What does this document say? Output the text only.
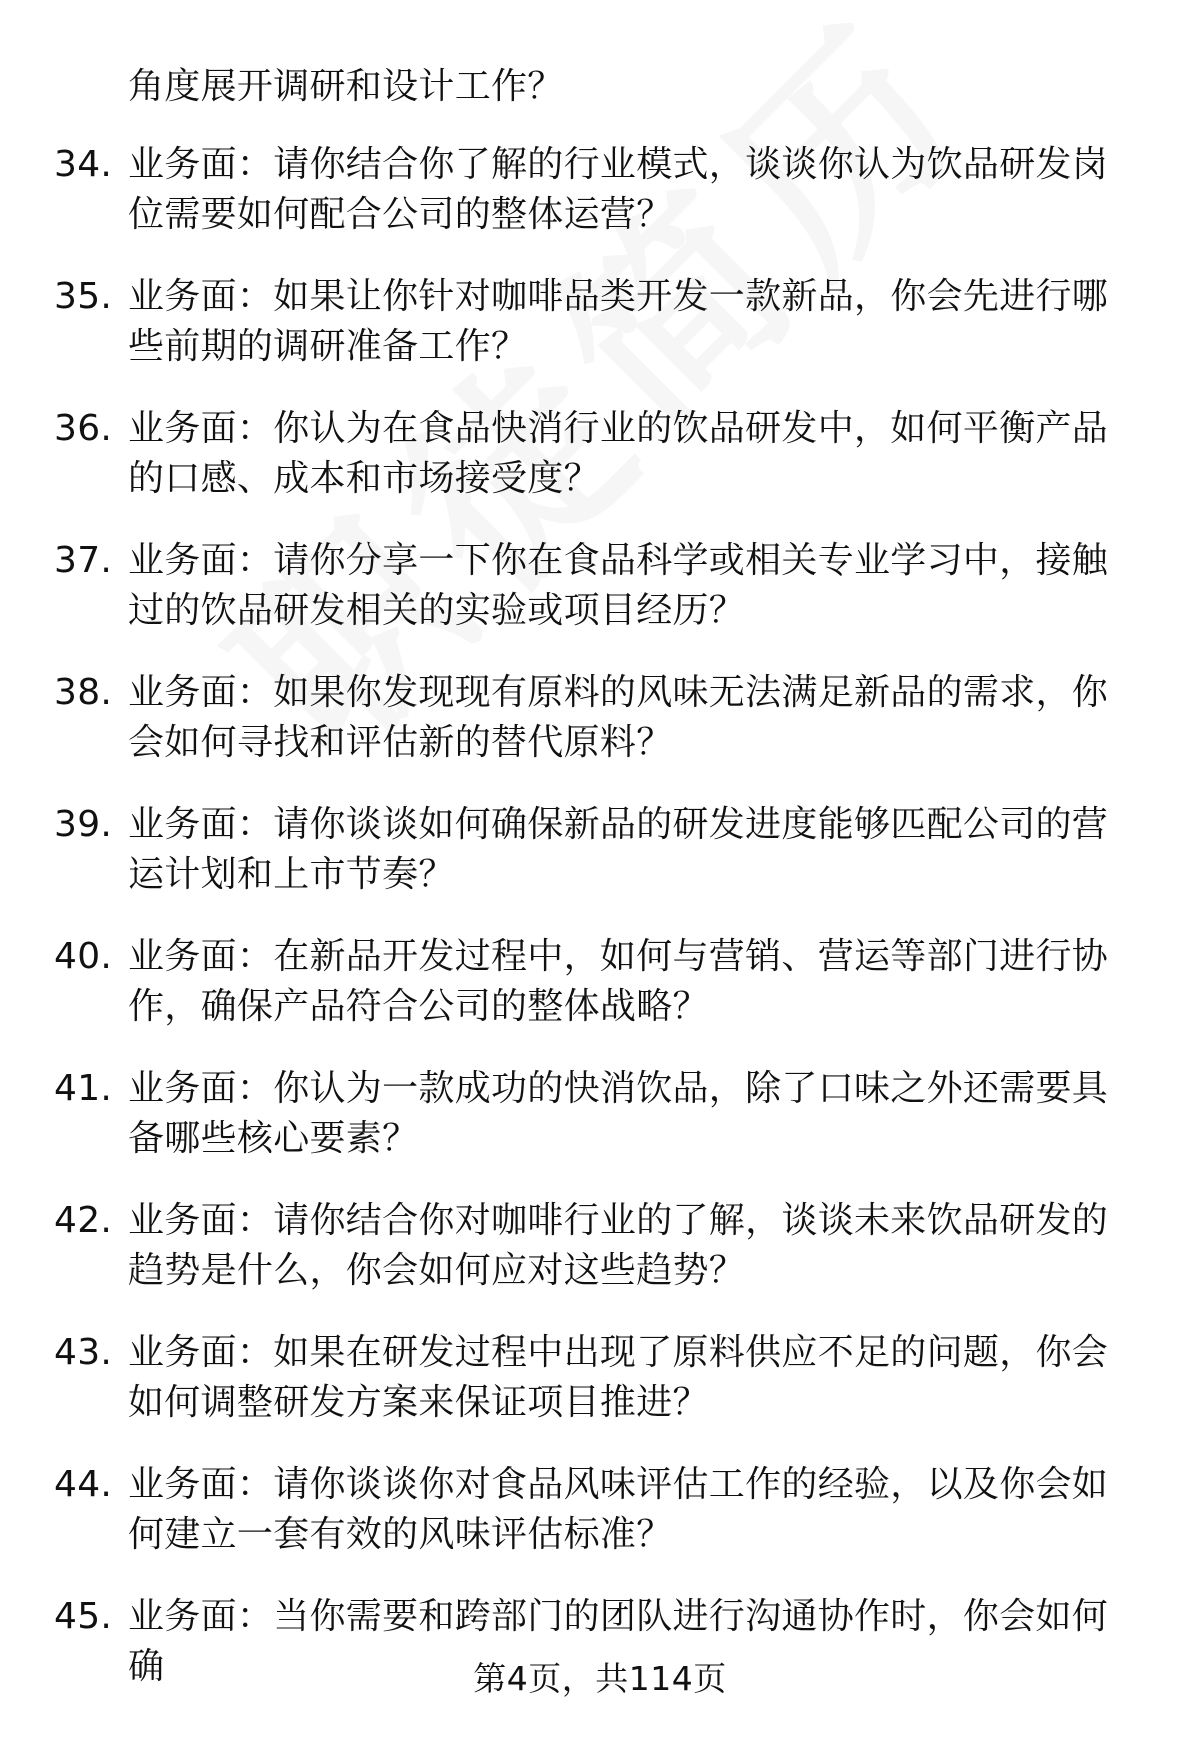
角度展开调研和设计工作？
34. 业务面：请你结合你了解的行业模式，谈谈你认为饮品研发岗位需要如何配合公司的整体运营？
35. 业务面：如果让你针对咖啡品类开发一款新品，你会先进行哪些前期的调研准备工作？
36. 业务面：你认为在食品快消行业的饮品研发中，如何平衡产品的口感、成本和市场接受度？
37. 业务面：请你分享一下你在食品科学或相关专业学习中，接触过的饮品研发相关的实验或项目经历？
38. 业务面：如果你发现现有原料的风味无法满足新品的需求，你会如何寻找和评估新的替代原料？
39. 业务面：请你谈谈如何确保新品的研发进度能够匹配公司的营运计划和上市节奏？
40. 业务面：在新品开发过程中，如何与营销、营运等部门进行协作，确保产品符合公司的整体战略？
41. 业务面：你认为一款成功的快消饮品，除了口味之外还需要具备哪些核心要素？
42. 业务面：请你结合你对咖啡行业的了解，谈谈未来饮品研发的趋势是什么，你会如何应对这些趋势？
43. 业务面：如果在研发过程中出现了原料供应不足的问题，你会如何调整研发方案来保证项目推进？
44. 业务面：请你谈谈你对食品风味评估工作的经验，以及你会如何建立一套有效的风味评估标准？
45. 业务面：当你需要和跨部门的团队进行沟通协作时，你会如何确	第4页，共114页
